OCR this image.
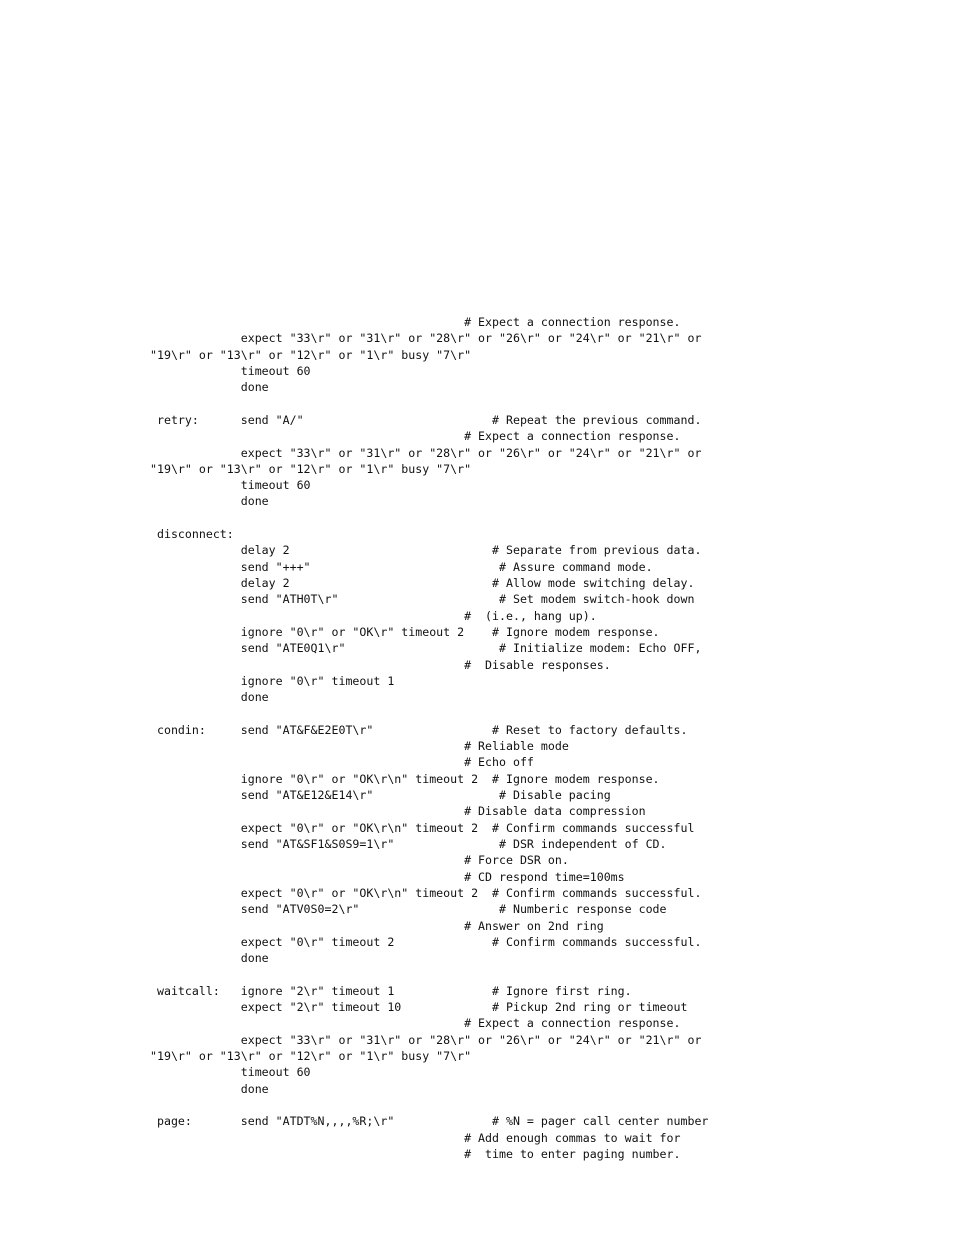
# Expect a connection response.
expect "33\r" or "31\r" or "28\r" or "26\r" or "24\r" or "21\r" or
"19\r" or "13\r" or "12\r" or "1\r" busy "7\r"
timeout 60
done
retry:      send "A/"                           # Repeat the previous command.
# Expect a connection response.
expect "33\r" or "31\r" or "28\r" or "26\r" or "24\r" or "21\r" or
"19\r" or "13\r" or "12\r" or "1\r" busy "7\r"
timeout 60
done
disconnect:
delay 2                             # Separate from previous data.
send "+++"                           # Assure command mode.
delay 2                             # Allow mode switching delay.
send "ATH0T\r"                       # Set modem switch-hook down
#  (i.e., hang up).
ignore "0\r" or "OK\r" timeout 2    # Ignore modem response.
send "ATE0Q1\r"                      # Initialize modem: Echo OFF,
#  Disable responses.
ignore "0\r" timeout 1
done
condin:     send "AT&F&E2E0T\r"                 # Reset to factory defaults.
# Reliable mode
# Echo off
ignore "0\r" or "OK\r\n" timeout 2  # Ignore modem response.
send "AT&E12&E14\r"                  # Disable pacing
# Disable data compression
expect "0\r" or "OK\r\n" timeout 2  # Confirm commands successful
send "AT&SF1&S0S9=1\r"               # DSR independent of CD.
# Force DSR on.
# CD respond time=100ms
expect "0\r" or "OK\r\n" timeout 2  # Confirm commands successful.
send "ATV0S0=2\r"                    # Numberic response code
# Answer on 2nd ring
expect "0\r" timeout 2              # Confirm commands successful.
done
waitcall:   ignore "2\r" timeout 1              # Ignore first ring.
expect "2\r" timeout 10             # Pickup 2nd ring or timeout
# Expect a connection response.
expect "33\r" or "31\r" or "28\r" or "26\r" or "24\r" or "21\r" or
"19\r" or "13\r" or "12\r" or "1\r" busy "7\r"
timeout 60
done
page:       send "ATDT%N,,,,%R;\r"              # %N = pager call center number
# Add enough commas to wait for
#  time to enter paging number.
